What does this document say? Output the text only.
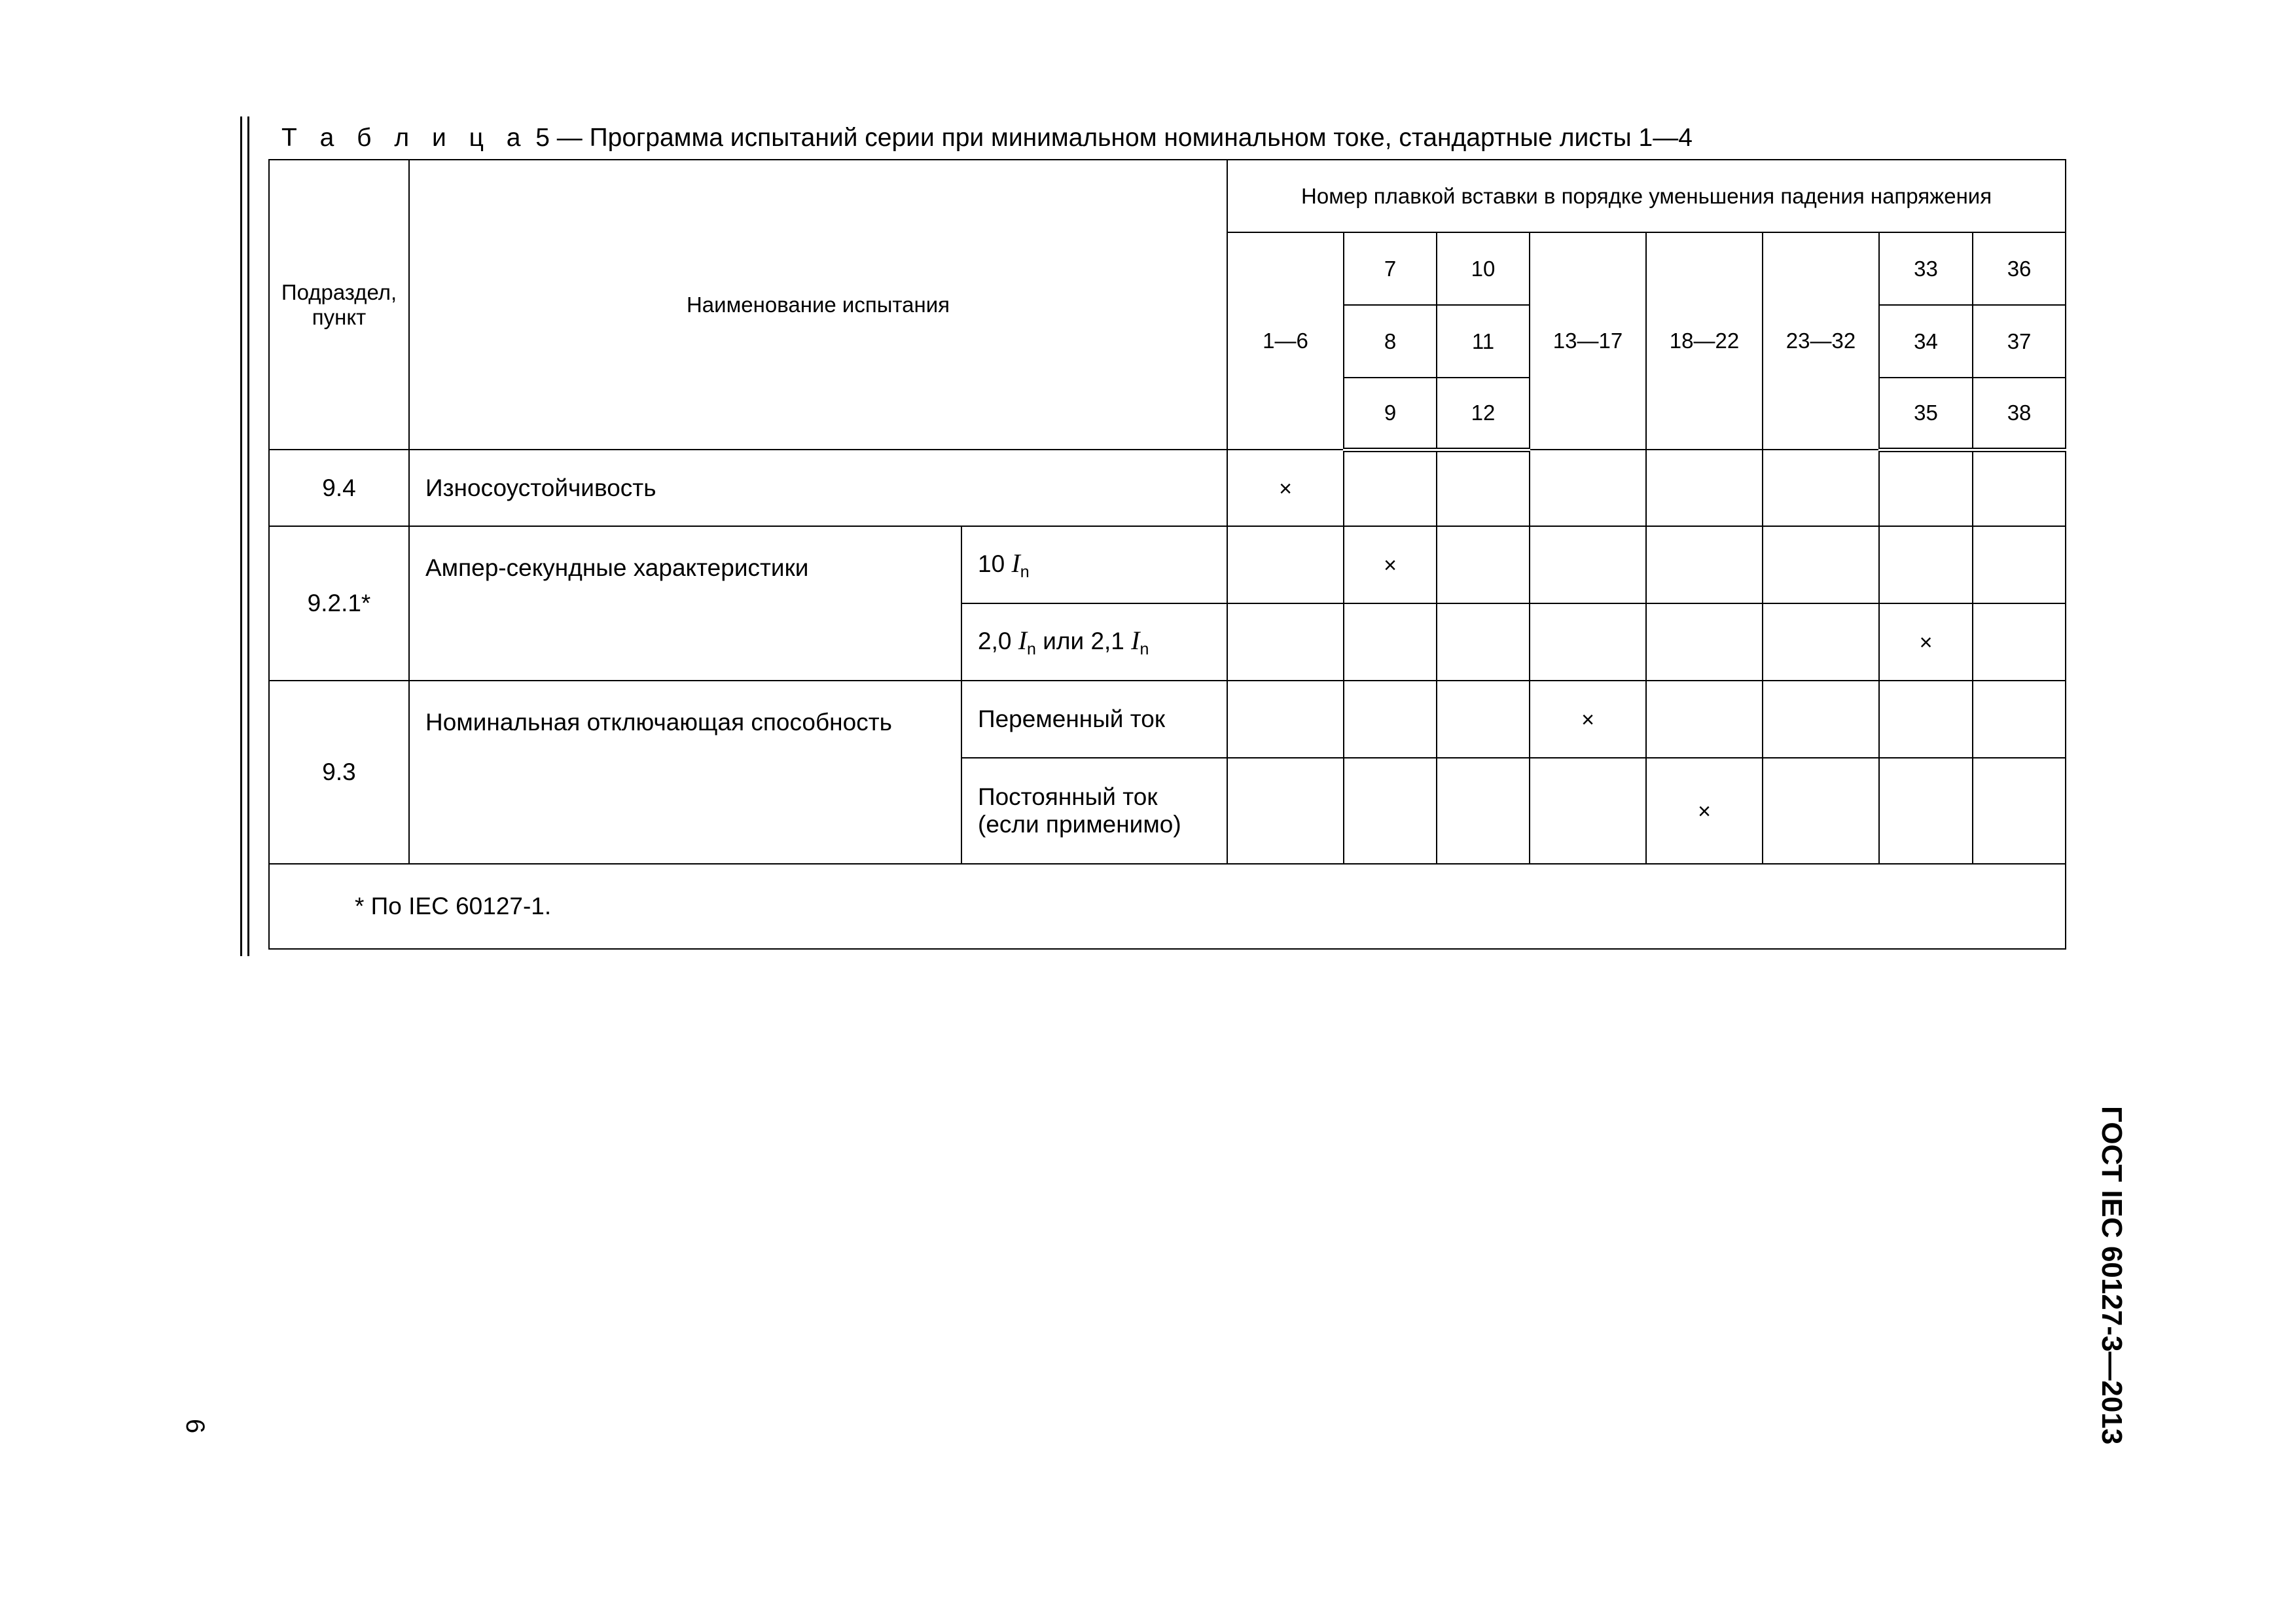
Т а б л и ц а 5 — Программа испытаний серии при минимальном номинальном токе, стандартные листы 1—4
Подраздел, пункт	Наименование испытания		Номер плавкой вставки в порядке уменьшения падения напряжения							
			1—6	7	10	13—17	18—22	23—32	33	36
				8	11				34	37
				9	12				35	38
9.4	Износоустойчивость		×							
9.2.1*	Ампер-секундные характеристики	10 $I_n$		×						
		2,0 $I_n$ или 2,1 $I_n$							×	
9.3	Номинальная отключающая способность	Переменный ток				×				

		Постоянный ток
(если применимо)					×			
* По IEC 60127-1.										
ГОСТ IEC 60127-3—2013
6
